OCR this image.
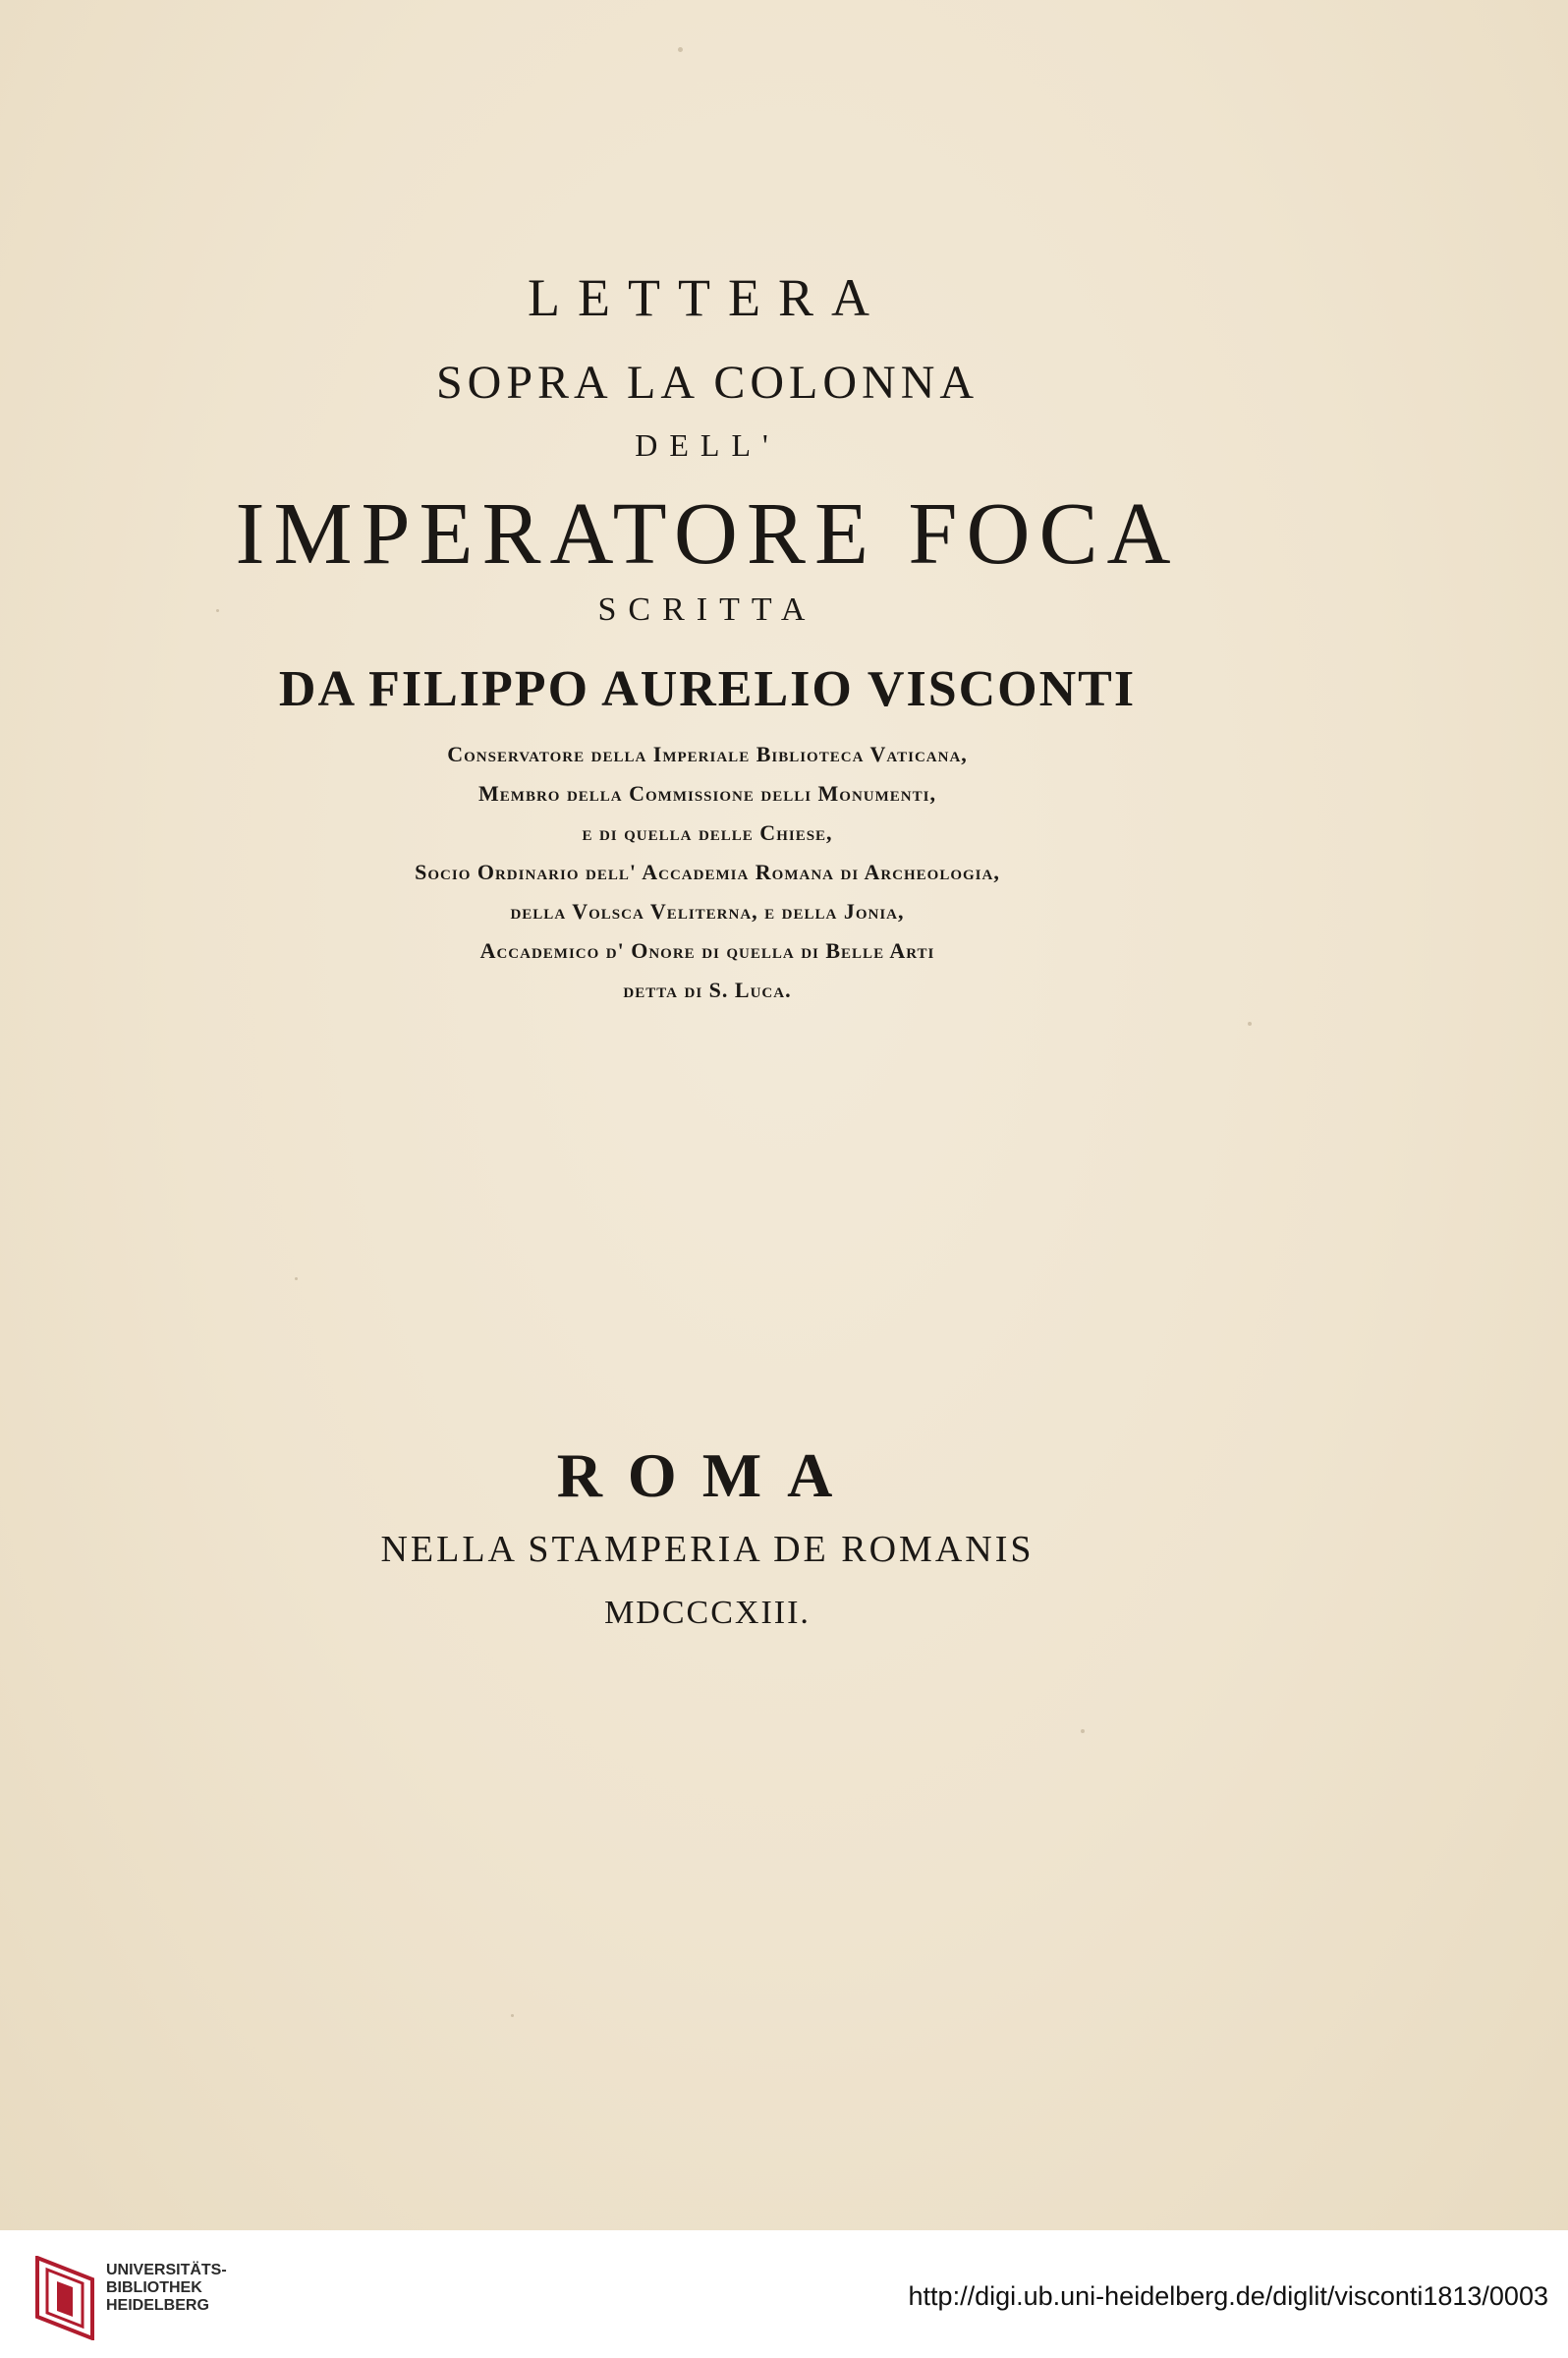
LETTERA
SOPRA LA COLONNA
DELL'
IMPERATORE FOCA
SCRITTA
DA FILIPPO AURELIO VISCONTI
Conservatore della Imperiale Biblioteca Vaticana,
Membro della Commissione delli Monumenti,
e di quella delle Chiese,
Socio Ordinario dell' Accademia Romana di Archeologia,
della Volsca Veliterna, e della Jonia,
Accademico d' Onore di quella di Belle Arti
detta di S. Luca.
ROMA
NELLA STAMPERIA DE ROMANIS
MDCCCXIII.
UNIVERSITÄTS-
BIBLIOTHEK
HEIDELBERG	http://digi.ub.uni-heidelberg.de/diglit/visconti1813/0003
